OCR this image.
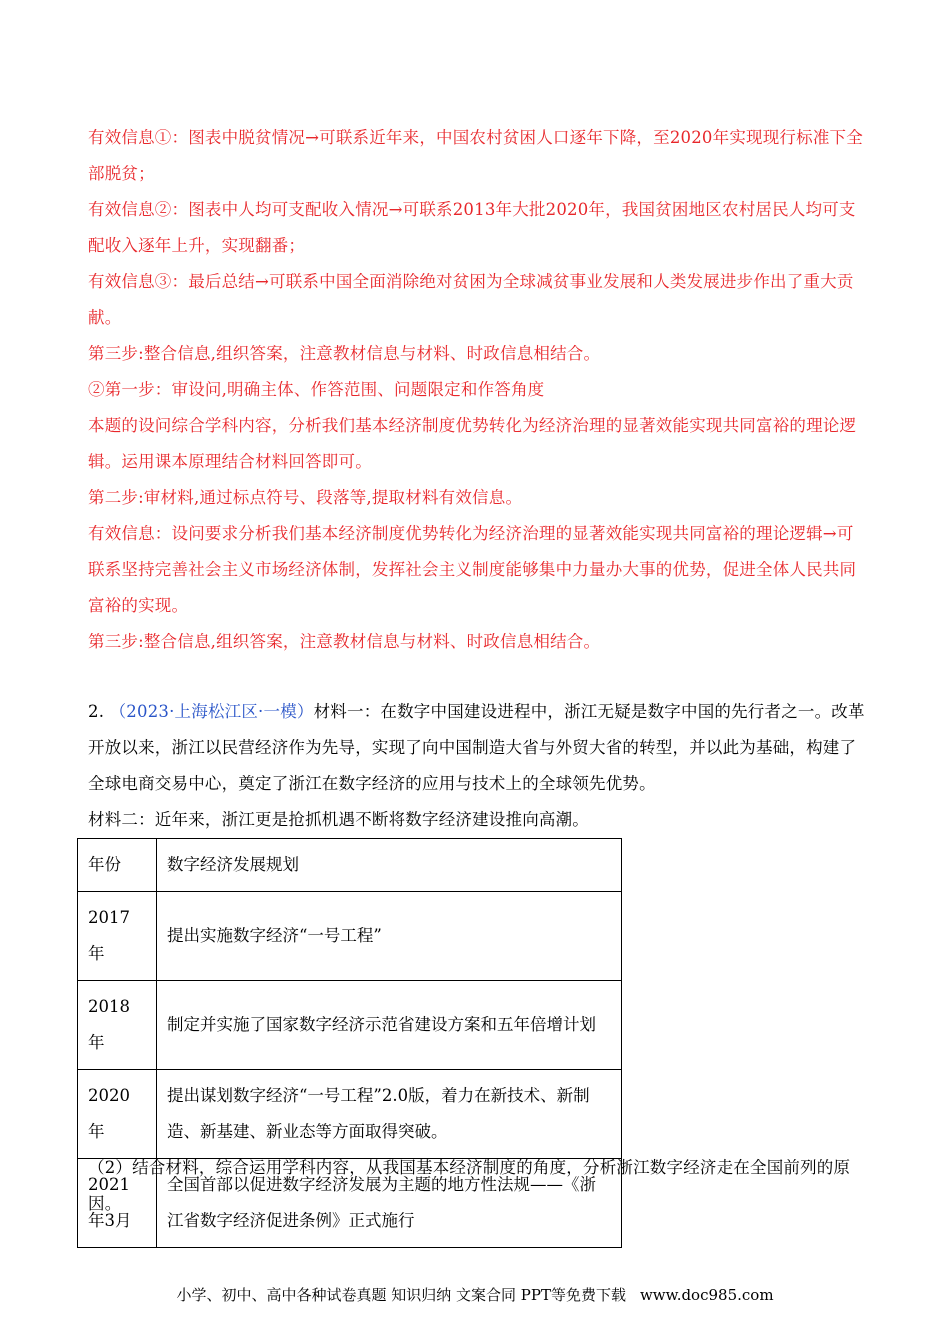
有效信息①：图表中脱贫情况→可联系近年来，中国农村贫困人口逐年下降，至2020年实现现行标准下全部脱贫；

有效信息②：图表中人均可支配收入情况→可联系2013年大批2020年，我国贫困地区农村居民人均可支配收入逐年上升，实现翻番；

有效信息③：最后总结→可联系中国全面消除绝对贫困为全球减贫事业发展和人类发展进步作出了重大贡献。

第三步:整合信息,组织答案，注意教材信息与材料、时政信息相结合。

②第一步：审设问,明确主体、作答范围、问题限定和作答角度

本题的设问综合学科内容，分析我们基本经济制度优势转化为经济治理的显著效能实现共同富裕的理论逻辑。运用课本原理结合材料回答即可。

第二步:审材料,通过标点符号、段落等,提取材料有效信息。

有效信息：设问要求分析我们基本经济制度优势转化为经济治理的显著效能实现共同富裕的理论逻辑→可联系坚持完善社会主义市场经济体制，发挥社会主义制度能够集中力量办大事的优势，促进全体人民共同富裕的实现。

第三步:整合信息,组织答案，注意教材信息与材料、时政信息相结合。

2. （2023·上海松江区·一模）材料一：在数字中国建设进程中，浙江无疑是数字中国的先行者之一。改革开放以来，浙江以民营经济作为先导，实现了向中国制造大省与外贸大省的转型，并以此为基础，构建了全球电商交易中心，奠定了浙江在数字经济的应用与技术上的全球领先优势。

材料二：近年来，浙江更是抢抓机遇不断将数字经济建设推向高潮。

年份	数字经济发展规划
2017年	提出实施数字经济“一号工程”
2018年	制定并实施了国家数字经济示范省建设方案和五年倍增计划
2020年	提出谋划数字经济“一号工程”2.0版，着力在新技术、新制造、新基建、新业态等方面取得突破。
2021年3月	全国首部以促进数字经济发展为主题的地方性法规——《浙江省数字经济促进条例》正式施行

（2）结合材料，综合运用学科内容，从我国基本经济制度的角度，分析浙江数字经济走在全国前列的原因。

小学、初中、高中各种试卷真题 知识归纳 文案合同 PPT等免费下载 www.doc985.com
